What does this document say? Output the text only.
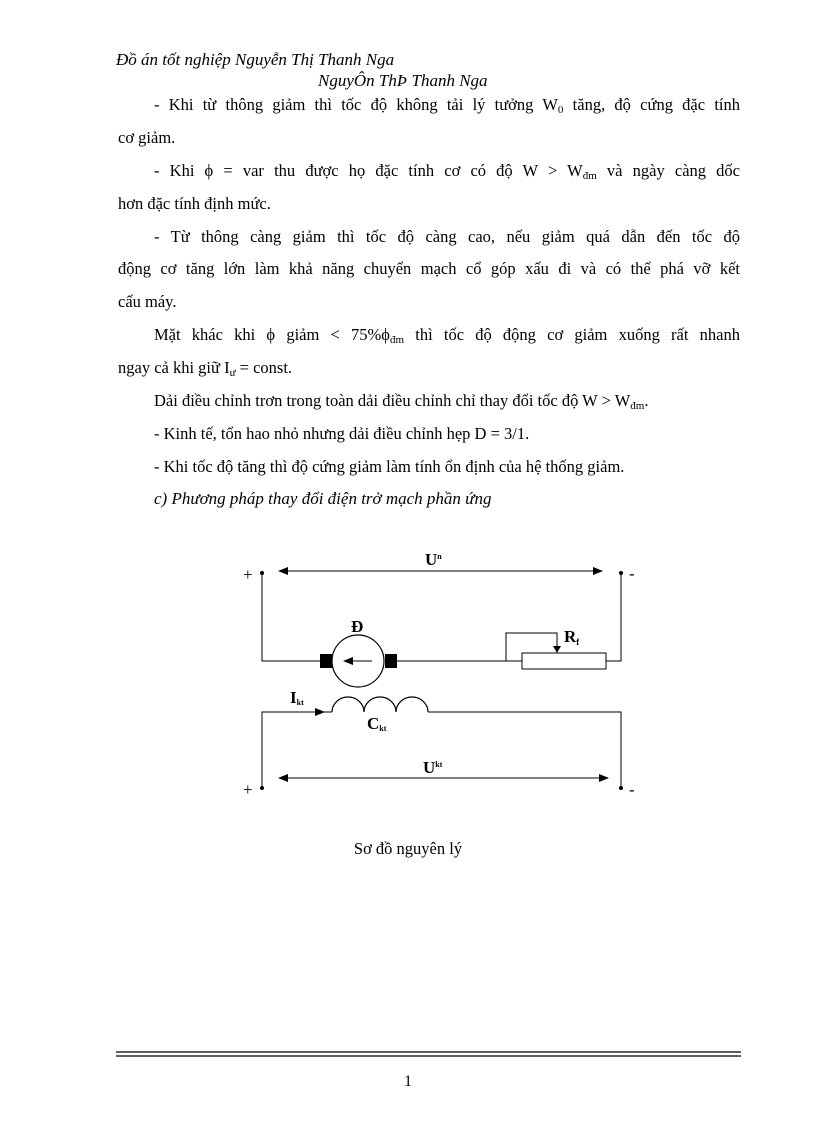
Đồ án tốt nghiệp Nguyễn Thị Thanh Nga
NguyÔn ThÞ Thanh Nga
- Khi từ thông giảm thì tốc độ không tải lý tưởng $W_0$ tăng, độ cứng đặc tính
cơ giảm.
- Khi ϕ = var thu được họ đặc tính cơ có độ $W > W_{đm}$ và ngày càng dốc
hơn đặc tính định mức.
- Từ thông càng giảm thì tốc độ càng cao, nếu giảm quá dẫn đến tốc độ
động cơ tăng lớn làm khả năng chuyển mạch cổ góp xấu đi và có thể phá vỡ kết
cấu máy.
Mặt khác khi ϕ giảm < $75\%\phi_{đm}$ thì tốc độ động cơ giảm xuống rất nhanh
ngay cả khi giữ $I_ư$ = const.
Dải điều chỉnh trơn trong toàn dải điều chỉnh chỉ thay đổi tốc độ $W > W_{đm}$.
- Kinh tế, tổn hao nhỏ nhưng dải điều chỉnh hẹp D = 3/1.
- Khi tốc độ tăng thì độ cứng giảm làm tính ổn định của hệ thống giảm.
c) Phương pháp thay đổi điện trở mạch phần ứng
$U^n$
+	-
Đ
Rf
Ikt
Ckt
$U^{kt}$
+	-
Sơ đồ nguyên lý
1
